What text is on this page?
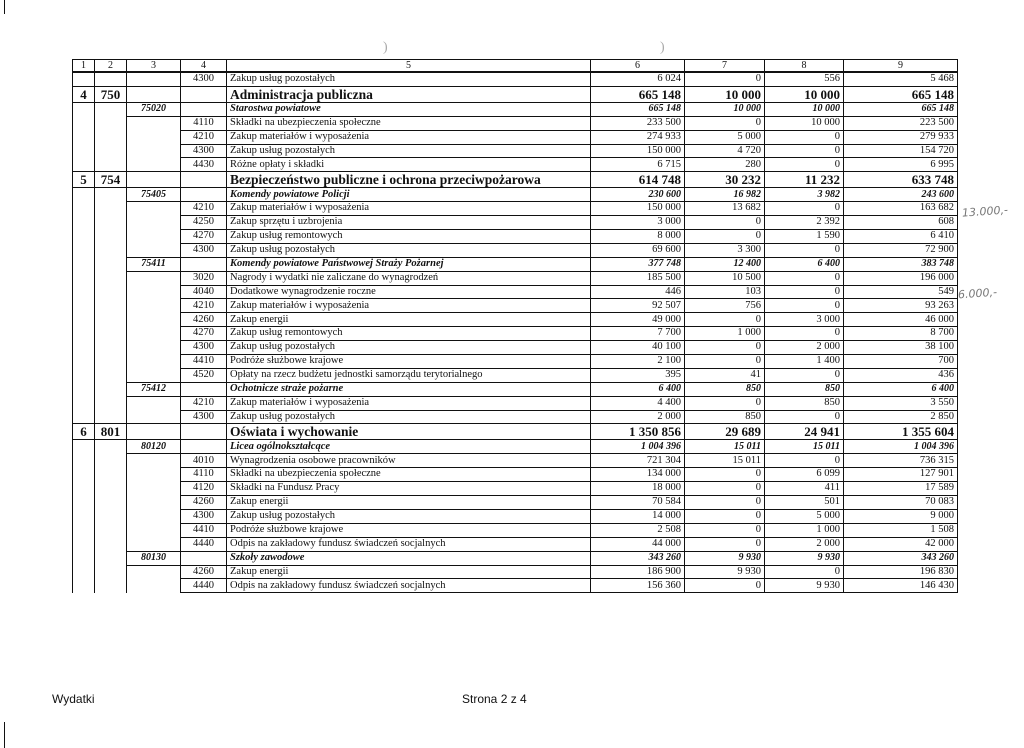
)	)
1	2	3	4	5	6	7	8	9
			4300	Zakup usług pozostałych	6 024	0	556	5 468
4	750			Administracja publiczna	665 148	10 000	10 000	665 148
		75020		Starostwa powiatowe	665 148	10 000	10 000	665 148
			4110	Składki na ubezpieczenia społeczne	233 500	0	10 000	223 500
			4210	Zakup materiałów i wyposażenia	274 933	5 000	0	279 933
			4300	Zakup usług pozostałych	150 000	4 720	0	154 720
			4430	Różne opłaty i składki	6 715	280	0	6 995
5	754			Bezpieczeństwo publiczne i ochrona przeciwpożarowa	614 748	30 232	11 232	633 748
		75405		Komendy powiatowe Policji	230 600	16 982	3 982	243 600
			4210	Zakup materiałów i wyposażenia	150 000	13 682	0	163 682
			4250	Zakup sprzętu i uzbrojenia	3 000	0	2 392	608
			4270	Zakup usług remontowych	8 000	0	1 590	6 410
			4300	Zakup usług pozostałych	69 600	3 300	0	72 900
		75411		Komendy powiatowe Państwowej Straży Pożarnej	377 748	12 400	6 400	383 748
			3020	Nagrody i wydatki nie zaliczane do wynagrodzeń	185 500	10 500	0	196 000
			4040	Dodatkowe wynagrodzenie roczne	446	103	0	549
			4210	Zakup materiałów i wyposażenia	92 507	756	0	93 263
			4260	Zakup energii	49 000	0	3 000	46 000
			4270	Zakup usług remontowych	7 700	1 000	0	8 700
			4300	Zakup usług pozostałych	40 100	0	2 000	38 100
			4410	Podróże służbowe krajowe	2 100	0	1 400	700
			4520	Opłaty na rzecz budżetu jednostki samorządu terytorialnego	395	41	0	436
		75412		Ochotnicze straże pożarne	6 400	850	850	6 400
			4210	Zakup materiałów i wyposażenia	4 400	0	850	3 550
			4300	Zakup usług pozostałych	2 000	850	0	2 850
6	801			Oświata i wychowanie	1 350 856	29 689	24 941	1 355 604
		80120		Licea ogólnokształcące	1 004 396	15 011	15 011	1 004 396
			4010	Wynagrodzenia osobowe pracowników	721 304	15 011	0	736 315
			4110	Składki na ubezpieczenia społeczne	134 000	0	6 099	127 901
			4120	Składki na Fundusz Pracy	18 000	0	411	17 589
			4260	Zakup energii	70 584	0	501	70 083
			4300	Zakup usług pozostałych	14 000	0	5 000	9 000
			4410	Podróże służbowe krajowe	2 508	0	1 000	1 508
			4440	Odpis na zakładowy fundusz świadczeń socjalnych	44 000	0	2 000	42 000
		80130		Szkoły zawodowe	343 260	9 930	9 930	343 260
			4260	Zakup energii	186 900	9 930	0	196 830
			4440	Odpis na zakładowy fundusz świadczeń socjalnych	156 360	0	9 930	146 430
13.000,-
6.000,-
Wydatki	Strona 2 z 4
